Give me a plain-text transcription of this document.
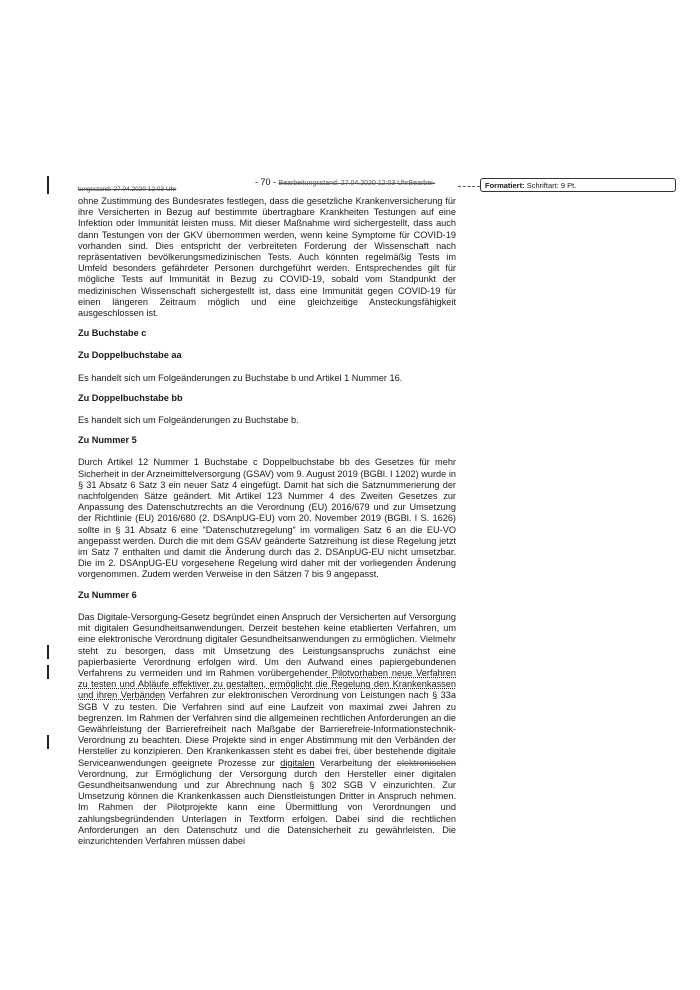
tungsstand: 27.04.2020 12:03 Uhr
- 70 - Bearbeitungsstand: 27.04.2020 12:03 UhrBearbei-	Formatiert: Schriftart: 9 Pt.

ohne Zustimmung des Bundesrates festlegen, dass die gesetzliche Krankenversicherung für ihre Versicherten in Bezug auf bestimmte übertragbare Krankheiten Testungen auf eine Infektion oder Immunität leisten muss. Mit dieser Maßnahme wird sichergestellt, dass auch dann Testungen von der GKV übernommen werden, wenn keine Symptome für COVID-19 vorhanden sind. Dies entspricht der verbreiteten Forderung der Wissenschaft nach repräsentativen bevölkerungsmedizinischen Tests. Auch könnten regelmäßig Tests im Umfeld besonders gefährdeter Personen durchgeführt werden. Entsprechendes gilt für mögliche Tests auf Immunität in Bezug zu COVID-19, sobald vom Standpunkt der medizinischen Wissenschaft sichergestellt ist, dass eine Immunität gegen COVID-19 für einen längeren Zeitraum möglich und eine gleichzeitige Ansteckungsfähigkeit ausgeschlossen ist.

Zu Buchstabe c
Zu Doppelbuchstabe aa

Es handelt sich um Folgeänderungen zu Buchstabe b und Artikel 1 Nummer 16.

Zu Doppelbuchstabe bb

Es handelt sich um Folgeänderungen zu Buchstabe b.

Zu Nummer 5

Durch Artikel 12 Nummer 1 Buchstabe c Doppelbuchstabe bb des Gesetzes für mehr Sicherheit in der Arzneimittelversorgung (GSAV) vom 9. August 2019 (BGBl. I 1202) wurde in § 31 Absatz 6 Satz 3 ein neuer Satz 4 eingefügt. Damit hat sich die Satznummerierung der nachfolgenden Sätze geändert. Mit Artikel 123 Nummer 4 des Zweiten Gesetzes zur Anpassung des Datenschutzrechts an die Verordnung (EU) 2016/679 und zur Umsetzung der Richtlinie (EU) 2016/680 (2. DSAnpUG-EU) vom 20. November 2019 (BGBl. I S. 1626) sollte in § 31 Absatz 6 eine "Datenschutzregelung" im vormaligen Satz 6 an die EU-VO angepasst werden. Durch die mit dem GSAV geänderte Satzreihung ist diese Regelung jetzt im Satz 7 enthalten und damit die Änderung durch das 2. DSAnpUG-EU nicht umsetzbar. Die im 2. DSAnpUG-EU vorgesehene Regelung wird daher mit der vorliegenden Änderung vorgenommen. Zudem werden Verweise in den Sätzen 7 bis 9 angepasst.

Zu Nummer 6

Das Digitale-Versorgung-Gesetz begründet einen Anspruch der Versicherten auf Versorgung mit digitalen Gesundheitsanwendungen. Derzeit bestehen keine etablierten Verfahren, um eine elektronische Verordnung digitaler Gesundheitsanwendungen zu ermöglichen. Vielmehr steht zu besorgen, dass mit Umsetzung des Leistungsanspruchs zunächst eine papierbasierte Verordnung erfolgen wird. Um den Aufwand eines papiergebundenen Verfahrens zu vermeiden und im Rahmen vorübergehender Pilotvorhaben neue Verfahren zu testen und Abläufe effektiver zu gestalten, ermöglicht die Regelung den Krankenkassen und ihren Verbänden Verfahren zur elektronischen Verordnung von Leistungen nach § 33a SGB V zu testen. Die Verfahren sind auf eine Laufzeit von maximal zwei Jahren zu begrenzen. Im Rahmen der Verfahren sind die allgemeinen rechtlichen Anforderungen an die Gewährleistung der Barrierefreiheit nach Maßgabe der Barrierefreie-Informationstechnik-Verordnung zu beachten. Diese Projekte sind in enger Abstimmung mit den Verbänden der Hersteller zu konzipieren. Den Krankenkassen steht es dabei frei, über bestehende digitale Serviceanwendungen geeignete Prozesse zur digitalen Verarbeitung der elektronischen Verordnung, zur Ermöglichung der Versorgung durch den Hersteller einer digitalen Gesundheitsanwendung und zur Abrechnung nach § 302 SGB V einzurichten. Zur Umsetzung können die Krankenkassen auch Dienstleistungen Dritter in Anspruch nehmen. Im Rahmen der Pilotprojekte kann eine Übermittlung von Verordnungen und zahlungsbegründenden Unterlagen in Textform erfolgen. Dabei sind die rechtlichen Anforderungen an den Datenschutz und die Datensicherheit zu gewährleisten. Die einzurichtenden Verfahren müssen dabei
